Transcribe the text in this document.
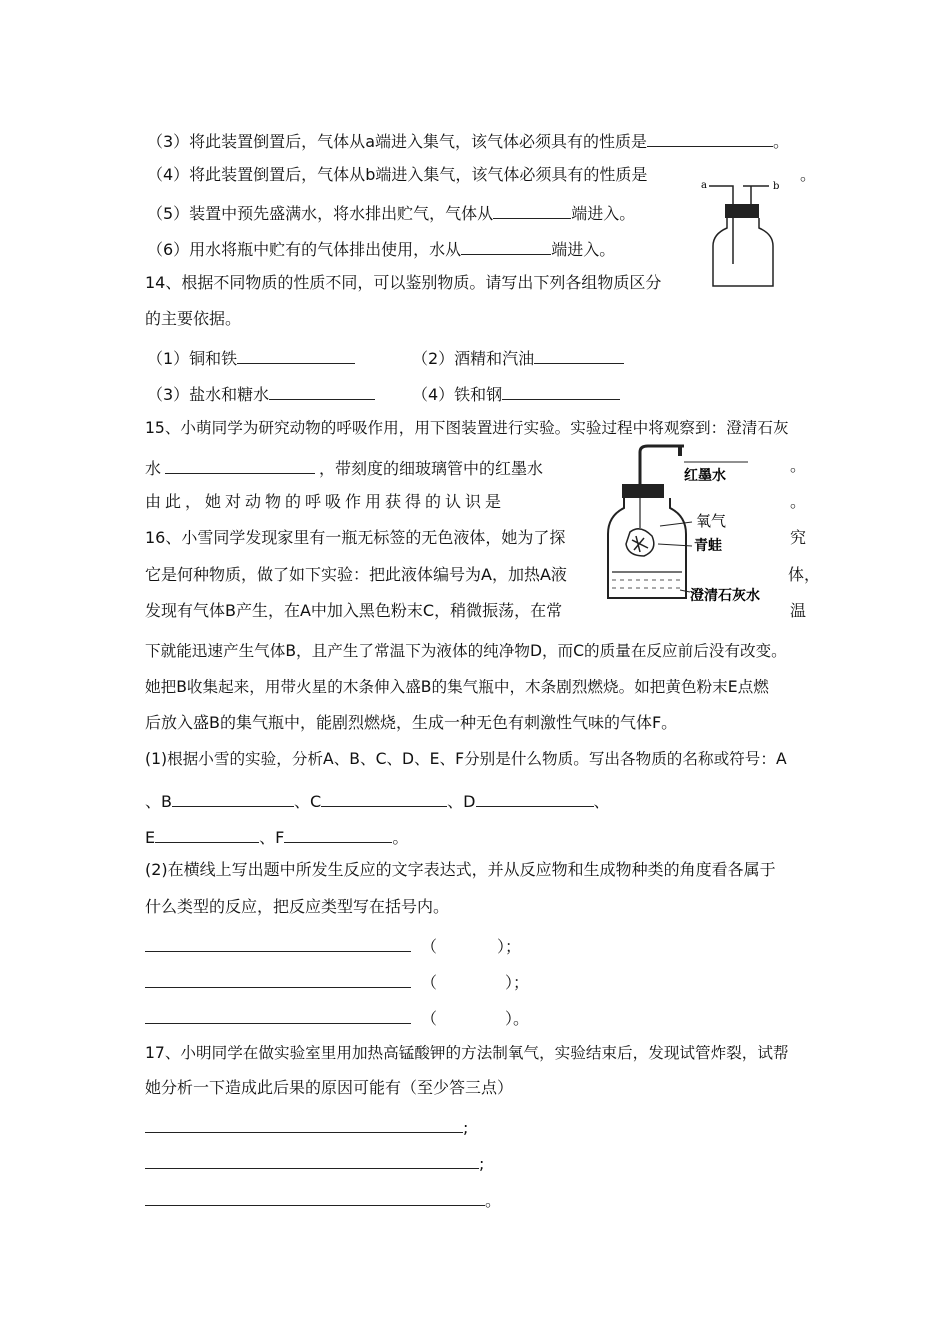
（3）将此装置倒置后，气体从a端进入集气，该气体必须具有的性质是	。
（4）将此装置倒置后，气体从b端进入集气，该气体必须具有的性质是	。
（5）装置中预先盛满水，将水排出贮气，气体从	端进入。
（6）用水将瓶中贮有的气体排出使用，水从	端进入。
a	b
14、根据不同物质的性质不同，可以鉴别物质。请写出下列各组物质区分
的主要依据。
（1）铜和铁	（2）酒精和汽油
（3）盐水和糖水	（4）铁和钢
15、小萌同学为研究动物的呼吸作用，用下图装置进行实验。实验过程中将观察到：澄清石灰
水	，带刻度的细玻璃管中的红墨水	。
由此，她对动物的呼吸作用获得的认识是	。
红墨水
氧气
青蛙
澄清石灰水
16、小雪同学发现家里有一瓶无标签的无色液体，她为了探	究
它是何种物质，做了如下实验：把此液体编号为A，加热A液	体，
发现有气体B产生，在A中加入黑色粉末C，稍微振荡，在常	温
下就能迅速产生气体B，且产生了常温下为液体的纯净物D，而C的质量在反应前后没有改变。
她把B收集起来，用带火星的木条伸入盛B的集气瓶中，木条剧烈燃烧。如把黄色粉末E点燃
后放入盛B的集气瓶中，能剧烈燃烧，生成一种无色有刺激性气味的气体F。
(1)根据小雪的实验，分析A、B、C、D、E、F分别是什么物质。写出各物质的名称或符号：A
、B	、C	、D	、
E	、F	。
(2)在横线上写出题中所发生反应的文字表达式，并从反应物和生成物种类的角度看各属于
什么类型的反应，把反应类型写在括号内。
（	）；
（	）；
（	）。
17、小明同学在做实验室里用加热高锰酸钾的方法制氧气，实验结束后，发现试管炸裂，试帮
她分析一下造成此后果的原因可能有（至少答三点）
;
;
。
